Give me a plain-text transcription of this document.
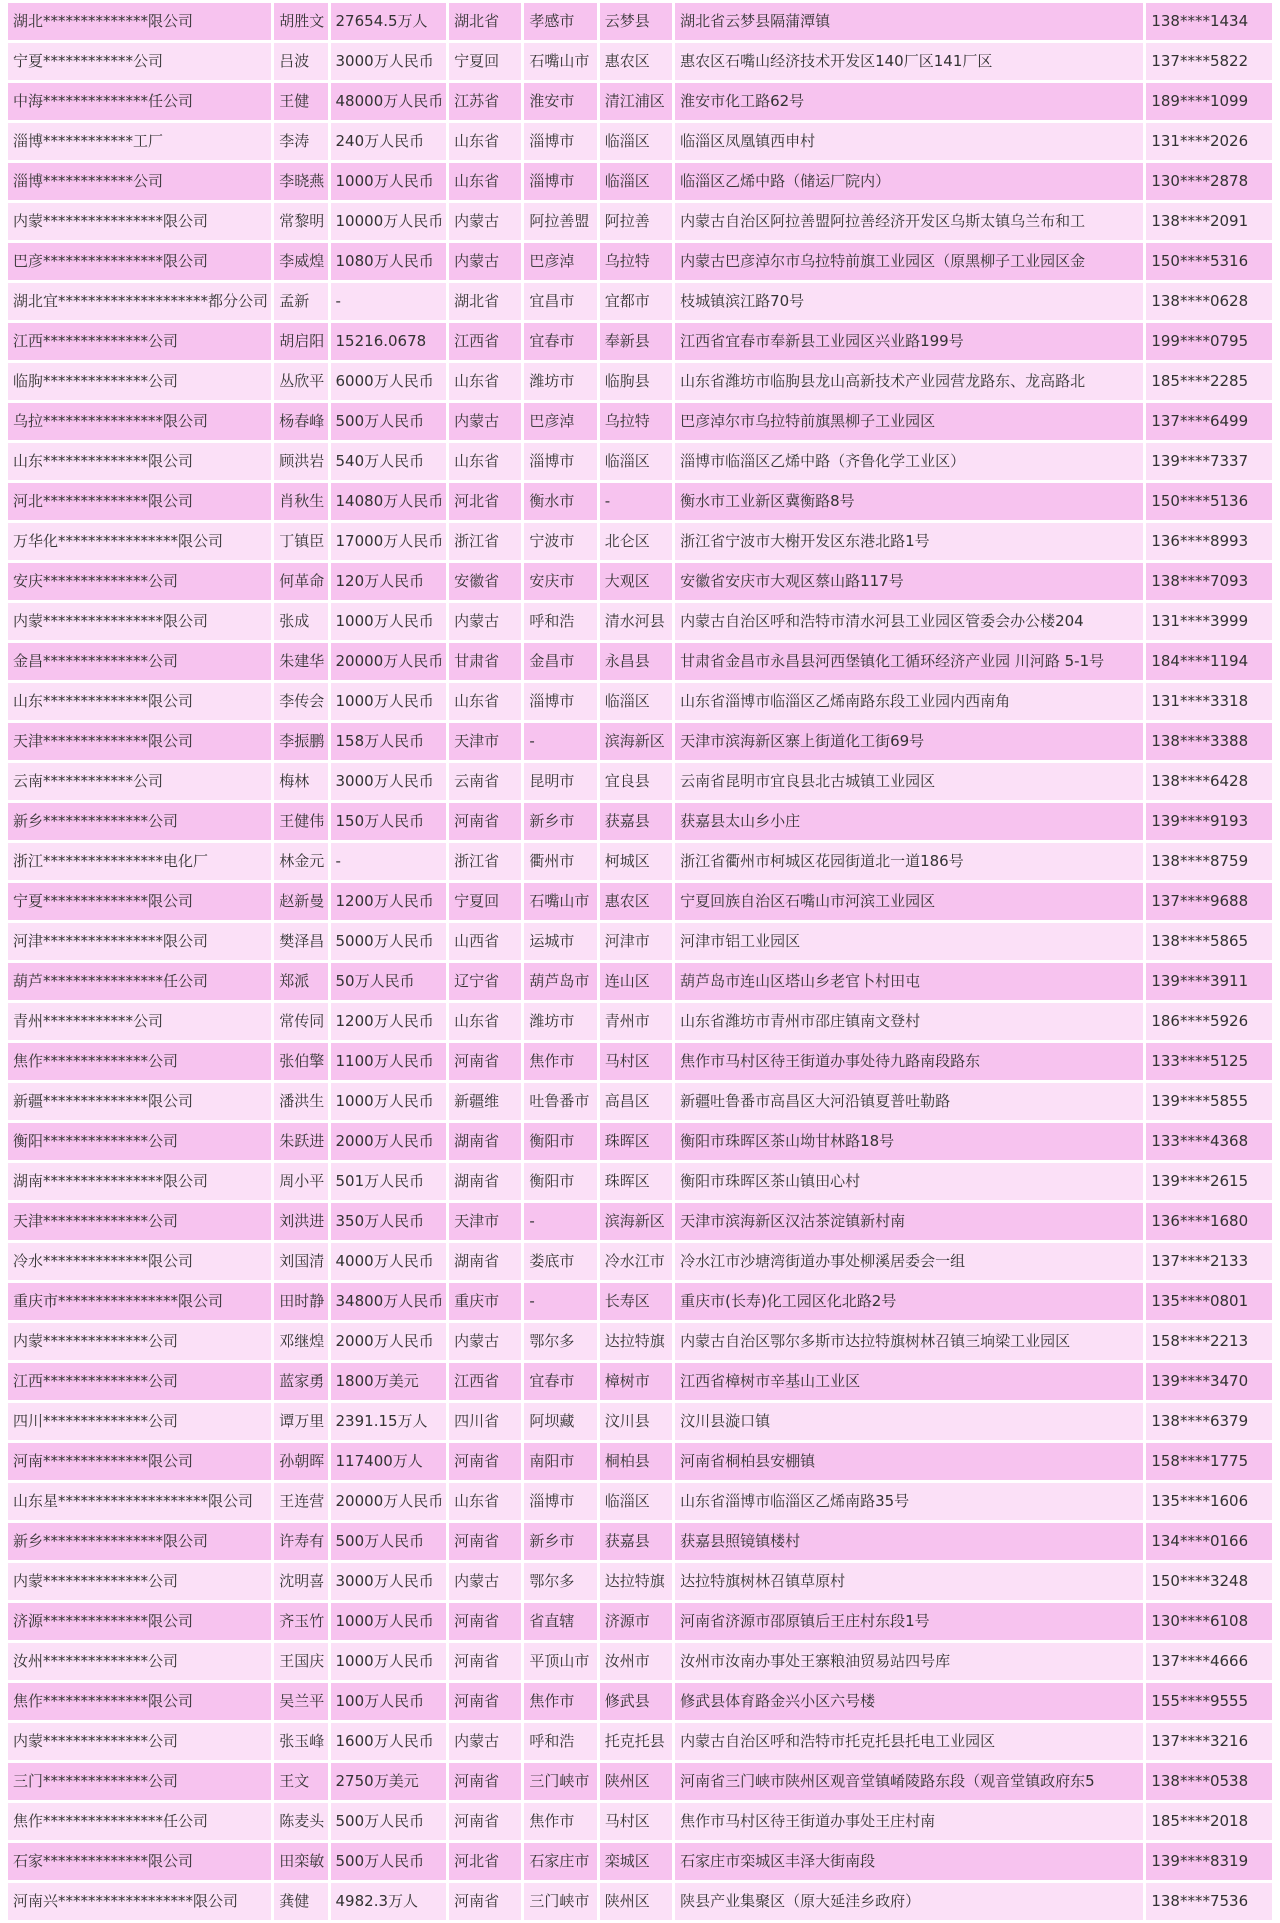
湖北**************限公司	胡胜文	27654.5万人	湖北省	孝感市	云梦县	湖北省云梦县隔蒲潭镇	138****1434
宁夏************公司	吕波	3000万人民币	宁夏回	石嘴山市	惠农区	惠农区石嘴山经济技术开发区140厂区141厂区	137****5822
中海**************任公司	王健	48000万人民币	江苏省	淮安市	清江浦区	淮安市化工路62号	189****1099
淄博************工厂	李涛	240万人民币	山东省	淄博市	临淄区	临淄区凤凰镇西申村	131****2026
淄博************公司	李晓燕	1000万人民币	山东省	淄博市	临淄区	临淄区乙烯中路（储运厂院内）	130****2878
内蒙****************限公司	常黎明	10000万人民币	内蒙古	阿拉善盟	阿拉善	内蒙古自治区阿拉善盟阿拉善经济开发区乌斯太镇乌兰布和工	138****2091
巴彦****************限公司	李威煌	1080万人民币	内蒙古	巴彦淖	乌拉特	内蒙古巴彦淖尔市乌拉特前旗工业园区（原黑柳子工业园区金	150****5316
湖北宜********************都分公司	孟新	-	湖北省	宜昌市	宜都市	枝城镇滨江路70号	138****0628
江西**************公司	胡启阳	15216.0678	江西省	宜春市	奉新县	江西省宜春市奉新县工业园区兴业路199号	199****0795
临朐**************公司	丛欣平	6000万人民币	山东省	潍坊市	临朐县	山东省潍坊市临朐县龙山高新技术产业园营龙路东、龙高路北	185****2285
乌拉****************限公司	杨春峰	500万人民币	内蒙古	巴彦淖	乌拉特	巴彦淖尔市乌拉特前旗黑柳子工业园区	137****6499
山东**************限公司	顾洪岩	540万人民币	山东省	淄博市	临淄区	淄博市临淄区乙烯中路（齐鲁化学工业区）	139****7337
河北**************限公司	肖秋生	14080万人民币	河北省	衡水市	-	衡水市工业新区冀衡路8号	150****5136
万华化****************限公司	丁镇臣	17000万人民币	浙江省	宁波市	北仑区	浙江省宁波市大榭开发区东港北路1号	136****8993
安庆**************公司	何革命	120万人民币	安徽省	安庆市	大观区	安徽省安庆市大观区蔡山路117号	138****7093
内蒙****************限公司	张成	1000万人民币	内蒙古	呼和浩	清水河县	内蒙古自治区呼和浩特市清水河县工业园区管委会办公楼204	131****3999
金昌**************公司	朱建华	20000万人民币	甘肃省	金昌市	永昌县	甘肃省金昌市永昌县河西堡镇化工循环经济产业园 川河路 5-1号	184****1194
山东**************限公司	李传会	1000万人民币	山东省	淄博市	临淄区	山东省淄博市临淄区乙烯南路东段工业园内西南角	131****3318
天津**************限公司	李振鹏	158万人民币	天津市	-	滨海新区	天津市滨海新区寨上街道化工街69号	138****3388
云南************公司	梅林	3000万人民币	云南省	昆明市	宜良县	云南省昆明市宜良县北古城镇工业园区	138****6428
新乡**************公司	王健伟	150万人民币	河南省	新乡市	获嘉县	获嘉县太山乡小庄	139****9193
浙江****************电化厂	林金元	-	浙江省	衢州市	柯城区	浙江省衢州市柯城区花园街道北一道186号	138****8759
宁夏**************限公司	赵新曼	1200万人民币	宁夏回	石嘴山市	惠农区	宁夏回族自治区石嘴山市河滨工业园区	137****9688
河津****************限公司	樊泽昌	5000万人民币	山西省	运城市	河津市	河津市铝工业园区	138****5865
葫芦****************任公司	郑派	50万人民币	辽宁省	葫芦岛市	连山区	葫芦岛市连山区塔山乡老官卜村田屯	139****3911
青州************公司	常传同	1200万人民币	山东省	潍坊市	青州市	山东省潍坊市青州市邵庄镇南文登村	186****5926
焦作**************公司	张伯擎	1100万人民币	河南省	焦作市	马村区	焦作市马村区待王街道办事处待九路南段路东	133****5125
新疆**************限公司	潘洪生	1000万人民币	新疆维	吐鲁番市	高昌区	新疆吐鲁番市高昌区大河沿镇夏普吐勒路	139****5855
衡阳**************公司	朱跃进	2000万人民币	湖南省	衡阳市	珠晖区	衡阳市珠晖区茶山坳甘林路18号	133****4368
湖南****************限公司	周小平	501万人民币	湖南省	衡阳市	珠晖区	衡阳市珠晖区茶山镇田心村	139****2615
天津**************公司	刘洪进	350万人民币	天津市	-	滨海新区	天津市滨海新区汉沽茶淀镇新村南	136****1680
冷水**************限公司	刘国清	4000万人民币	湖南省	娄底市	冷水江市	冷水江市沙塘湾街道办事处柳溪居委会一组	137****2133
重庆市****************限公司	田时静	34800万人民币	重庆市	-	长寿区	重庆市(长寿)化工园区化北路2号	135****0801
内蒙**************公司	邓继煌	2000万人民币	内蒙古	鄂尔多	达拉特旗	内蒙古自治区鄂尔多斯市达拉特旗树林召镇三垧梁工业园区	158****2213
江西**************公司	蓝家勇	1800万美元	江西省	宜春市	樟树市	江西省樟树市辛基山工业区	139****3470
四川**************公司	谭万里	2391.15万人	四川省	阿坝藏	汶川县	汶川县漩口镇	138****6379
河南**************限公司	孙朝晖	117400万人	河南省	南阳市	桐柏县	河南省桐柏县安棚镇	158****1775
山东星********************限公司	王连营	20000万人民币	山东省	淄博市	临淄区	山东省淄博市临淄区乙烯南路35号	135****1606
新乡****************限公司	许寿有	500万人民币	河南省	新乡市	获嘉县	获嘉县照镜镇楼村	134****0166
内蒙**************公司	沈明喜	3000万人民币	内蒙古	鄂尔多	达拉特旗	达拉特旗树林召镇草原村	150****3248
济源**************限公司	齐玉竹	1000万人民币	河南省	省直辖	济源市	河南省济源市邵原镇后王庄村东段1号	130****6108
汝州**************公司	王国庆	1000万人民币	河南省	平顶山市	汝州市	汝州市汝南办事处王寨粮油贸易站四号库	137****4666
焦作**************限公司	吴兰平	100万人民币	河南省	焦作市	修武县	修武县体育路金兴小区六号楼	155****9555
内蒙**************公司	张玉峰	1600万人民币	内蒙古	呼和浩	托克托县	内蒙古自治区呼和浩特市托克托县托电工业园区	137****3216
三门**************公司	王文	2750万美元	河南省	三门峡市	陕州区	河南省三门峡市陕州区观音堂镇崤陵路东段（观音堂镇政府东5	138****0538
焦作****************任公司	陈麦头	500万人民币	河南省	焦作市	马村区	焦作市马村区待王街道办事处王庄村南	185****2018
石家**************限公司	田栾敏	500万人民币	河北省	石家庄市	栾城区	石家庄市栾城区丰泽大街南段	139****8319
河南兴******************限公司	龚健	4982.3万人	河南省	三门峡市	陕州区	陕县产业集聚区（原大延洼乡政府）	138****7536
